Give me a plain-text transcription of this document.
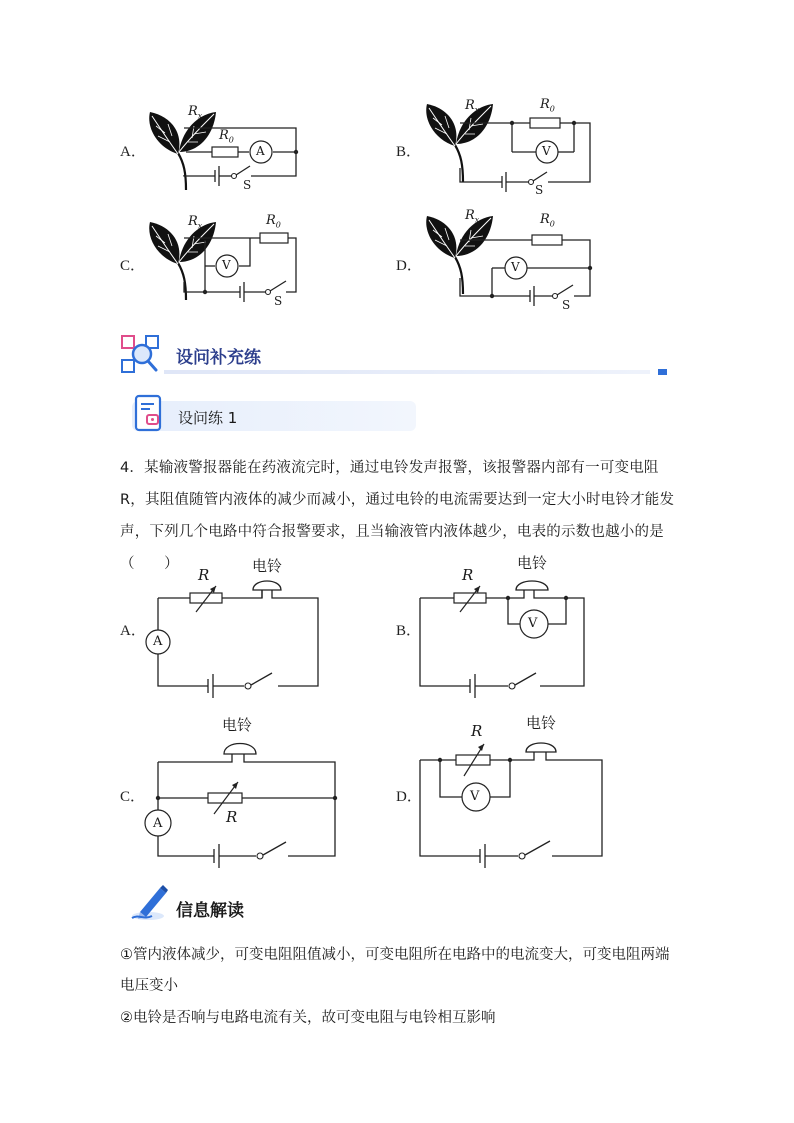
A．	B．
C．	D．
$R_x$
$R_0$
A
S
$R_x$	$R_0$
V
S
$R_x$	$R_0$
V
S
$R_x$	$R_0$
V
S
设问补充练
设问练 1
4．某输液警报器能在药液流完时，通过电铃发声报警，该报警器内部有一可变电阻 R，其阻值随管内液体的减少而减小，通过电铃的电流需要达到一定大小时电铃才能发声，下列几个电路中符合报警要求，且当输液管内液体越少，电表的示数也越小的是（　　）
A．	B．
C．	D．
R	电铃
A
R
电铃
V
电铃
R
A
R	电铃
V
信息解读
①管内液体减少，可变电阻阻值减小，可变电阻所在电路中的电流变大，可变电阻两端电压变小
②电铃是否响与电路电流有关，故可变电阻与电铃相互影响
